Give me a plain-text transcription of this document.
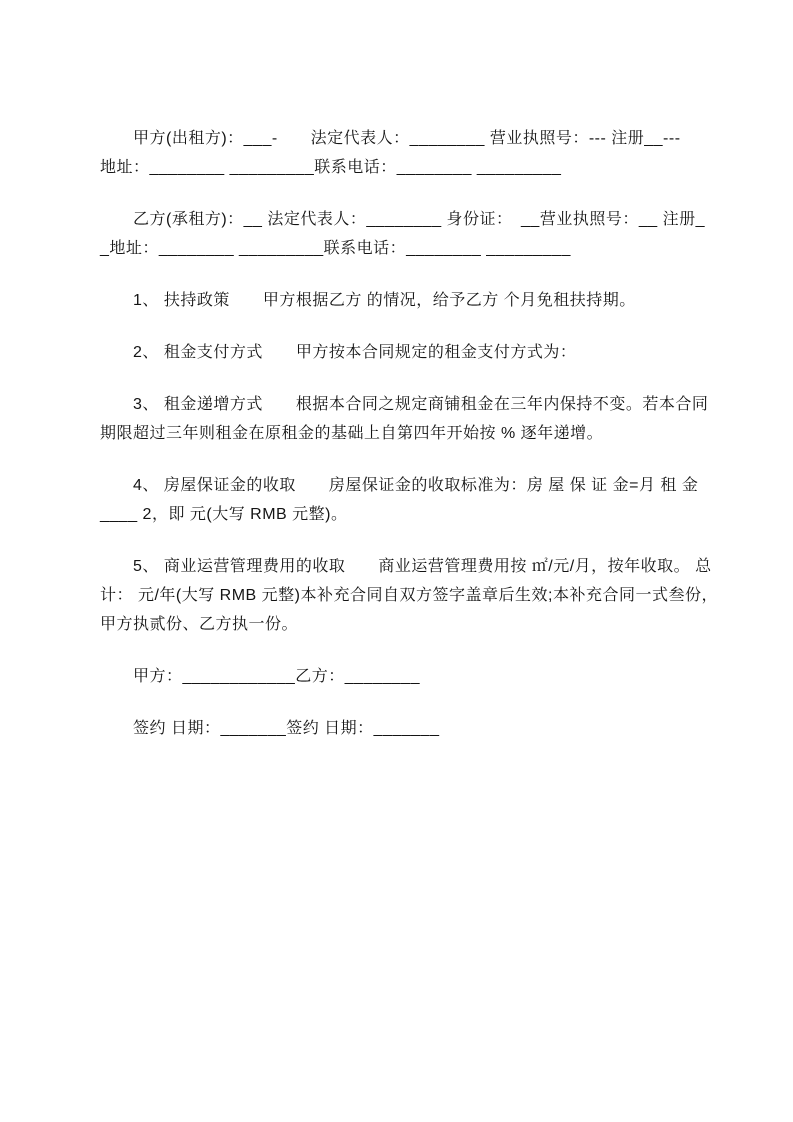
甲方(出租方)：___-　　法定代表人：________ 营业执照号：--- 注册__---
地址：________ _________联系电话：________ _________
乙方(承租方)：__ 法定代表人：________ 身份证：　__营业执照号：__ 注册_
_地址：________ _________联系电话：________ _________
1、 扶持政策　　甲方根据乙方 的情况，给予乙方 个月免租扶持期。
2、 租金支付方式　　甲方按本合同规定的租金支付方式为：
3、 租金递增方式　　根据本合同之规定商铺租金在三年内保持不变。若本合同
期限超过三年则租金在原租金的基础上自第四年开始按 % 逐年递增。
4、 房屋保证金的收取　　房屋保证金的收取标准为：房 屋 保 证 金=月 租 金
____ 2，即 元(大写 RMB 元整)。
5、 商业运营管理费用的收取　　商业运营管理费用按 ㎡/元/月，按年收取。 总
计： 元/年(大写 RMB 元整)本补充合同自双方签字盖章后生效;本补充合同一式叁份，
甲方执贰份、乙方执一份。
甲方：____________乙方：________
签约 日期：_______签约 日期：_______
